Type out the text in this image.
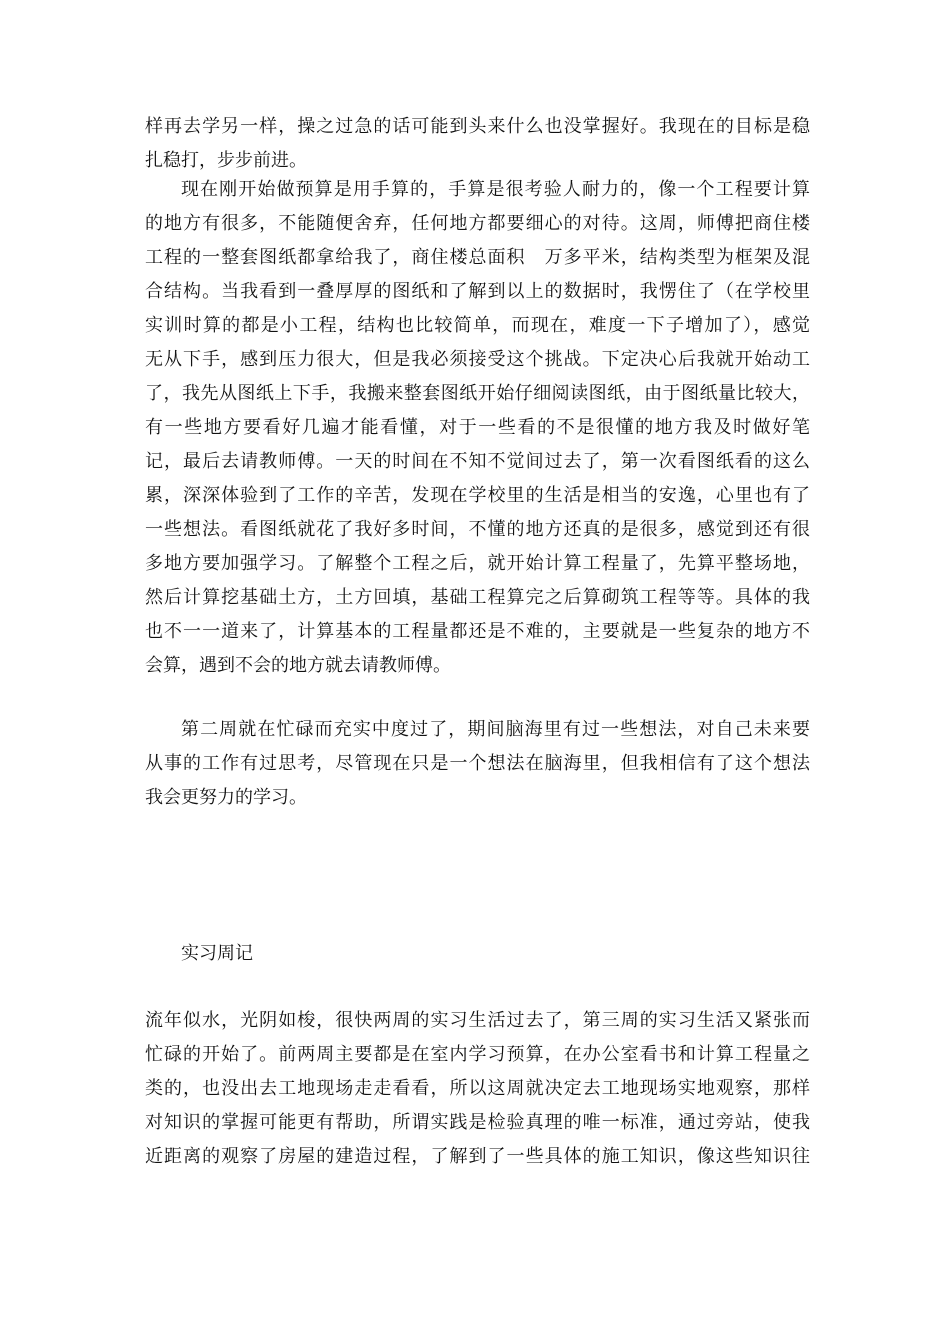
样再去学另一样，操之过急的话可能到头来什么也没掌握好。我现在的目标是稳
扎稳打，步步前进。
现在刚开始做预算是用手算的，手算是很考验人耐力的，像一个工程要计算
的地方有很多，不能随便舍弃，任何地方都要细心的对待。这周，师傅把商住楼
工程的一整套图纸都拿给我了，商住楼总面积　万多平米，结构类型为框架及混
合结构。当我看到一叠厚厚的图纸和了解到以上的数据时，我愣住了（在学校里
实训时算的都是小工程，结构也比较简单，而现在，难度一下子增加了），感觉
无从下手，感到压力很大，但是我必须接受这个挑战。下定决心后我就开始动工
了，我先从图纸上下手，我搬来整套图纸开始仔细阅读图纸，由于图纸量比较大，
有一些地方要看好几遍才能看懂，对于一些看的不是很懂的地方我及时做好笔
记，最后去请教师傅。一天的时间在不知不觉间过去了，第一次看图纸看的这么
累，深深体验到了工作的辛苦，发现在学校里的生活是相当的安逸，心里也有了
一些想法。看图纸就花了我好多时间，不懂的地方还真的是很多，感觉到还有很
多地方要加强学习。了解整个工程之后，就开始计算工程量了，先算平整场地，
然后计算挖基础土方，土方回填，基础工程算完之后算砌筑工程等等。具体的我
也不一一道来了，计算基本的工程量都还是不难的，主要就是一些复杂的地方不
会算，遇到不会的地方就去请教师傅。
第二周就在忙碌而充实中度过了，期间脑海里有过一些想法，对自己未来要
从事的工作有过思考，尽管现在只是一个想法在脑海里，但我相信有了这个想法
我会更努力的学习。
实习周记
流年似水，光阴如梭，很快两周的实习生活过去了，第三周的实习生活又紧张而
忙碌的开始了。前两周主要都是在室内学习预算，在办公室看书和计算工程量之
类的，也没出去工地现场走走看看，所以这周就决定去工地现场实地观察，那样
对知识的掌握可能更有帮助，所谓实践是检验真理的唯一标准，通过旁站，使我
近距离的观察了房屋的建造过程，了解到了一些具体的施工知识，像这些知识往
